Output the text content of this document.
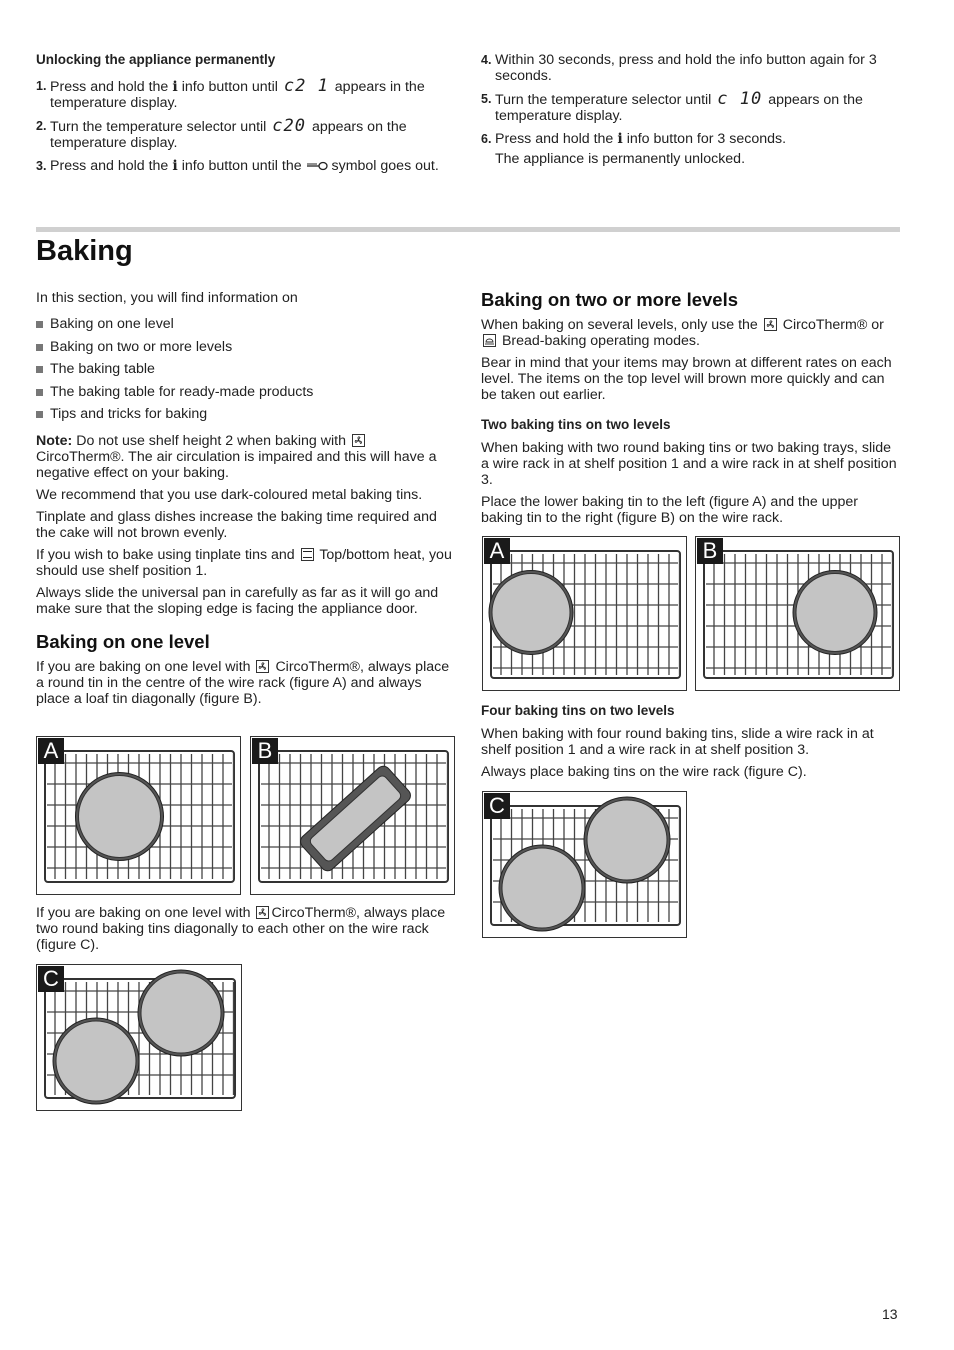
Unlocking the appliance permanently

1. Press and hold the i info button until c2 1 appears in the temperature display.
2. Turn the temperature selector until c20 appears on the temperature display.
3. Press and hold the i info button until the symbol goes out.
4. Within 30 seconds, press and hold the info button again for 3 seconds.
5. Turn the temperature selector until c 10 appears on the temperature display.
6. Press and hold the i info button for 3 seconds.

The appliance is permanently unlocked.

Baking

In this section, you will find information on

Baking on one level
Baking on two or more levels
The baking table
The baking table for ready-made products
Tips and tricks for baking

Note: Do not use shelf height 2 when baking with
CircoTherm®. The air circulation is impaired and this will have a negative effect on your baking.

We recommend that you use dark-coloured metal baking tins.

Tinplate and glass dishes increase the baking time required and the cake will not brown evenly.

If you wish to bake using tinplate tins and Top/bottom heat, you should use shelf position 1.

Always slide the universal pan in carefully as far as it will go and make sure that the sloping edge is facing the appliance door.

Baking on one level

If you are baking on one level with CircoTherm®, always place a round tin in the centre of the wire rack (figure A) and always place a loaf tin diagonally (figure B).

If you are baking on one level with CircoTherm®, always place two round baking tins diagonally to each other on the wire rack (figure C).

Baking on two or more levels

When baking on several levels, only use the CircoTherm® or
Bread-baking operating modes.

Bear in mind that your items may brown at different rates on each level. The items on the top level will brown more quickly and can be taken out earlier.

Two baking tins on two levels

When baking with two round baking tins or two baking trays, slide a wire rack in at shelf position 1 and a wire rack in at shelf position 3.

Place the lower baking tin to the left (figure A) and the upper baking tin to the right (figure B) on the wire rack.

Four baking tins on two levels

When baking with four round baking tins, slide a wire rack in at shelf position 1 and a wire rack in at shelf position 3.

Always place baking tins on the wire rack (figure C).

A	B
C
A	B
C
13
